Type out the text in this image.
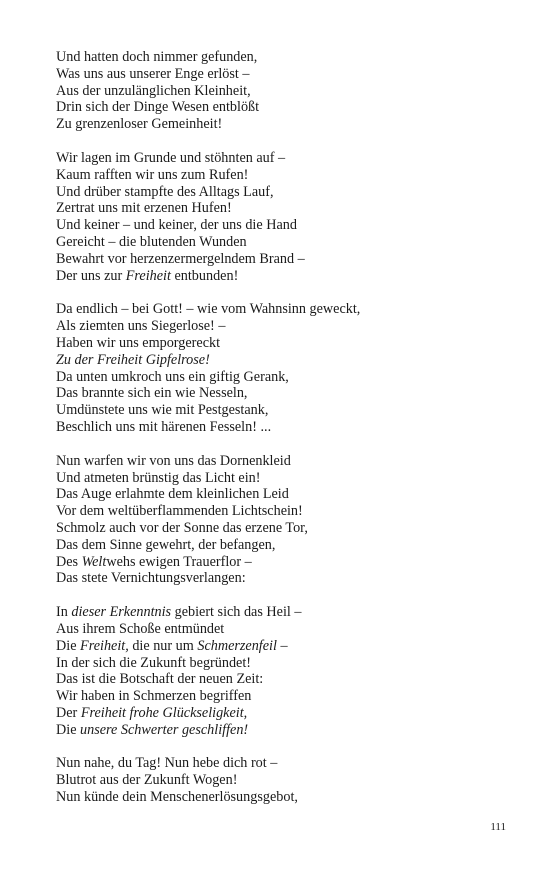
Und hatten doch nimmer gefunden,
Was uns aus unserer Enge erlöst –
Aus der unzulänglichen Kleinheit,
Drin sich der Dinge Wesen entblößt
Zu grenzenloser Gemeinheit!
Wir lagen im Grunde und stöhnten auf –
Kaum rafften wir uns zum Rufen!
Und drüber stampfte des Alltags Lauf,
Zertrat uns mit erzenen Hufen!
Und keiner – und keiner, der uns die Hand
Gereicht – die blutenden Wunden
Bewahrt vor herzenzermergelndem Brand –
Der uns zur Freiheit entbunden!
Da endlich – bei Gott! – wie vom Wahnsinn geweckt,
Als ziemten uns Siegerlose! –
Haben wir uns emporgereckt
Zu der Freiheit Gipfelrose!
Da unten umkroch uns ein giftig Gerank,
Das brannte sich ein wie Nesseln,
Umdünstete uns wie mit Pestgestank,
Beschlich uns mit härenen Fesseln! ...
Nun warfen wir von uns das Dornenkleid
Und atmeten brünstig das Licht ein!
Das Auge erlahmte dem kleinlichen Leid
Vor dem weltüberflammenden Lichtschein!
Schmolz auch vor der Sonne das erzene Tor,
Das dem Sinne gewehrt, der befangen,
Des Weltwehs ewigen Trauerflor –
Das stete Vernichtungsverlangen:
In dieser Erkenntnis gebiert sich das Heil –
Aus ihrem Schoße entmündet
Die Freiheit, die nur um Schmerzenfeil –
In der sich die Zukunft begründet!
Das ist die Botschaft der neuen Zeit:
Wir haben in Schmerzen begriffen
Der Freiheit frohe Glückseligkeit,
Die unsere Schwerter geschliffen!
Nun nahe, du Tag! Nun hebe dich rot –
Blutrot aus der Zukunft Wogen!
Nun künde dein Menschenerlösungsgebot,
111
